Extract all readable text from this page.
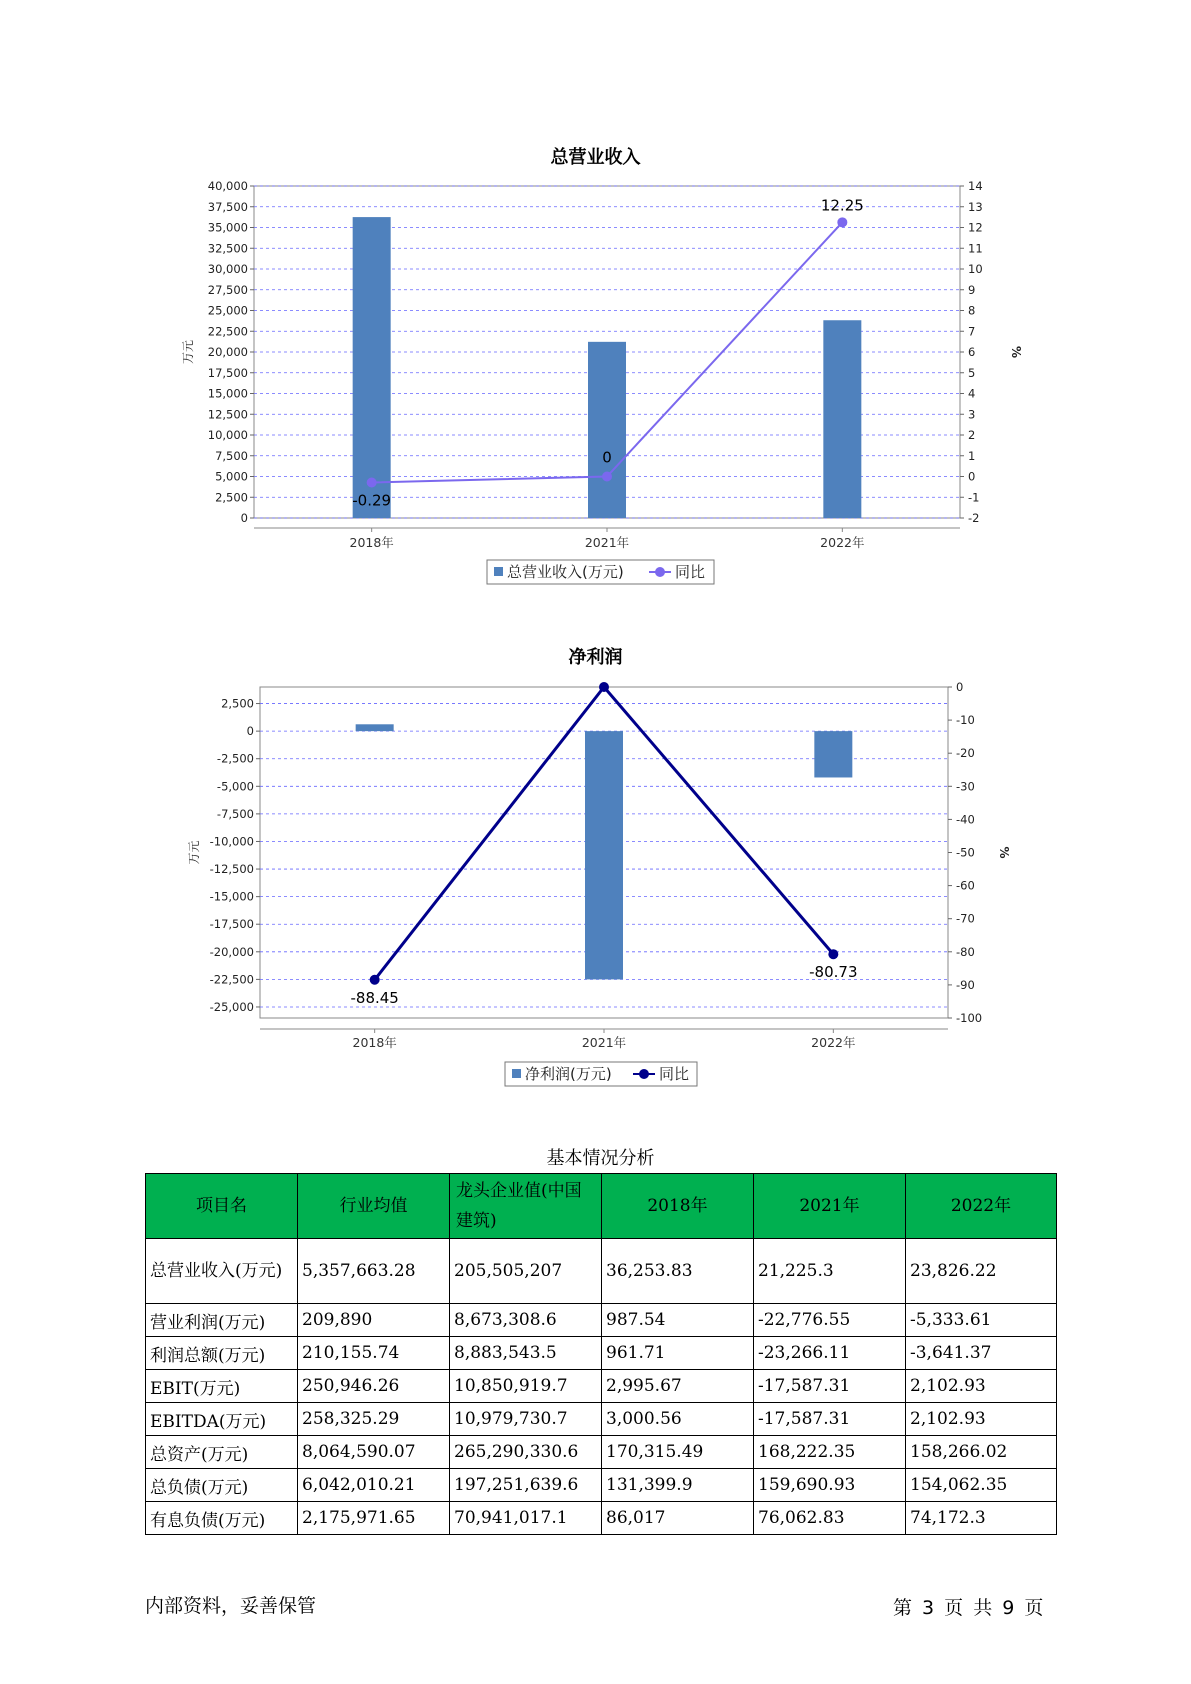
总营业收入
0
2,500
5,000
7,500
10,000
12,500
15,000
17,500
20,000
22,500
25,000
27,500
30,000
32,500
35,000
37,500
40,000
-2
-1
0
1
2
3
4
5
6
7
8
9
10
11
12
13
14
万元	%
2018年	2021年	2022年
-0.29
0
12.25
总营业收入(万元)	同比
净利润
2,500
0
-2,500
-5,000
-7,500
-10,000
-12,500
-15,000
-17,500
-20,000
-22,500
-25,000
0
-10
-20
-30
-40
-50
-60
-70
-80
-90
-100
万元	%
2018年	2021年	2022年
-88.45
-80.73
净利润(万元)	同比
基本情况分析
项目名	行业均值	龙头企业值(中国建筑)	2018年	2021年	2022年
总营业收入(万元)	5,357,663.28	205,505,207	36,253.83	21,225.3	23,826.22
营业利润(万元)	209,890	8,673,308.6	987.54	-22,776.55	-5,333.61
利润总额(万元)	210,155.74	8,883,543.5	961.71	-23,266.11	-3,641.37
EBIT(万元)	250,946.26	10,850,919.7	2,995.67	-17,587.31	2,102.93
EBITDA(万元)	258,325.29	10,979,730.7	3,000.56	-17,587.31	2,102.93
总资产(万元)	8,064,590.07	265,290,330.6	170,315.49	168,222.35	158,266.02
总负债(万元)	6,042,010.21	197,251,639.6	131,399.9	159,690.93	154,062.35
有息负债(万元)	2,175,971.65	70,941,017.1	86,017	76,062.83	74,172.3
内部资料，妥善保管	第 3 页 共 9 页
